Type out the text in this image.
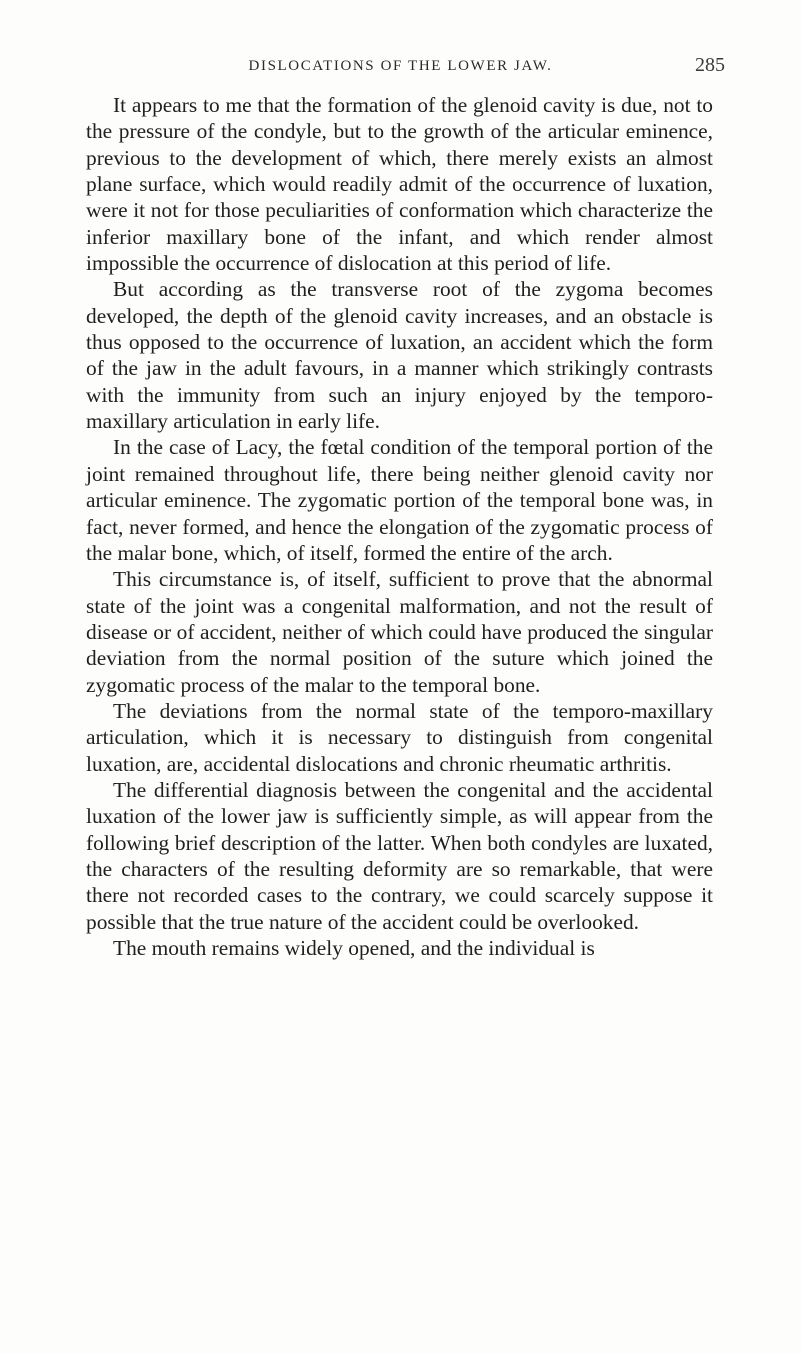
DISLOCATIONS OF THE LOWER JAW.	285

It appears to me that the formation of the glenoid cavity is due, not to the pressure of the condyle, but to the growth of the articular eminence, previous to the development of which, there merely exists an almost plane surface, which would readily admit of the occurrence of luxation, were it not for those peculiarities of conformation which characterize the inferior maxillary bone of the infant, and which render almost impossible the occurrence of dislocation at this period of life.

But according as the transverse root of the zygoma becomes developed, the depth of the glenoid cavity increases, and an obstacle is thus opposed to the occurrence of luxation, an accident which the form of the jaw in the adult favours, in a manner which strikingly contrasts with the immunity from such an injury enjoyed by the temporo-maxillary articulation in early life.

In the case of Lacy, the fœtal condition of the temporal portion of the joint remained throughout life, there being neither glenoid cavity nor articular eminence. The zygomatic portion of the temporal bone was, in fact, never formed, and hence the elongation of the zygomatic process of the malar bone, which, of itself, formed the entire of the arch.

This circumstance is, of itself, sufficient to prove that the abnormal state of the joint was a congenital malformation, and not the result of disease or of accident, neither of which could have produced the singular deviation from the normal position of the suture which joined the zygomatic process of the malar to the temporal bone.

The deviations from the normal state of the temporo-maxillary articulation, which it is necessary to distinguish from congenital luxation, are, accidental dislocations and chronic rheumatic arthritis.

The differential diagnosis between the congenital and the accidental luxation of the lower jaw is sufficiently simple, as will appear from the following brief description of the latter. When both condyles are luxated, the characters of the resulting deformity are so remarkable, that were there not recorded cases to the contrary, we could scarcely suppose it possible that the true nature of the accident could be overlooked.

The mouth remains widely opened, and the individual is
